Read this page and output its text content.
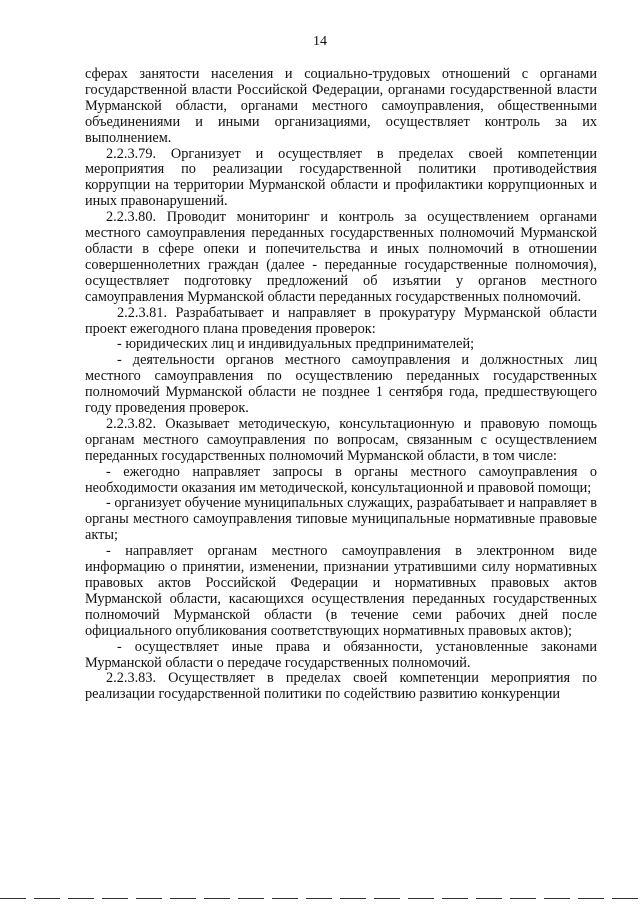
14

сферах занятости населения и социально-трудовых отношений с органами государственной власти Российской Федерации, органами государственной власти Мурманской области, органами местного самоуправления, общественными объединениями и иными организациями, осуществляет контроль за их выполнением.

2.2.3.79. Организует и осуществляет в пределах своей компетенции мероприятия по реализации государственной политики противодействия коррупции на территории Мурманской области и профилактики коррупционных и иных правонарушений.

2.2.3.80. Проводит мониторинг и контроль за осуществлением органами местного самоуправления переданных государственных полномочий Мурманской области в сфере опеки и попечительства и иных полномочий в отношении совершеннолетних граждан (далее - переданные государственные полномочия), осуществляет подготовку предложений об изъятии у органов местного самоуправления Мурманской области переданных государственных полномочий.

2.2.3.81. Разрабатывает и направляет в прокуратуру Мурманской области проект ежегодного плана проведения проверок:

- юридических лиц и индивидуальных предпринимателей;

- деятельности органов местного самоуправления и должностных лиц местного самоуправления по осуществлению переданных государственных полномочий Мурманской области не позднее 1 сентября года, предшествующего году проведения проверок.

2.2.3.82. Оказывает методическую, консультационную и правовую помощь органам местного самоуправления по вопросам, связанным с осуществлением переданных государственных полномочий Мурманской области, в том числе:

- ежегодно направляет запросы в органы местного самоуправления о необходимости оказания им методической, консультационной и правовой помощи;

- организует обучение муниципальных служащих, разрабатывает и направляет в органы местного самоуправления типовые муниципальные нормативные правовые акты;

- направляет органам местного самоуправления в электронном виде информацию о принятии, изменении, признании утратившими силу нормативных правовых актов Российской Федерации и нормативных правовых актов Мурманской области, касающихся осуществления переданных государственных полномочий Мурманской области (в течение семи рабочих дней после официального опубликования соответствующих нормативных правовых актов);

- осуществляет иные права и обязанности, установленные законами Мурманской области о передаче государственных полномочий.

2.2.3.83. Осуществляет в пределах своей компетенции мероприятия по реализации государственной политики по содействию развитию конкуренции
